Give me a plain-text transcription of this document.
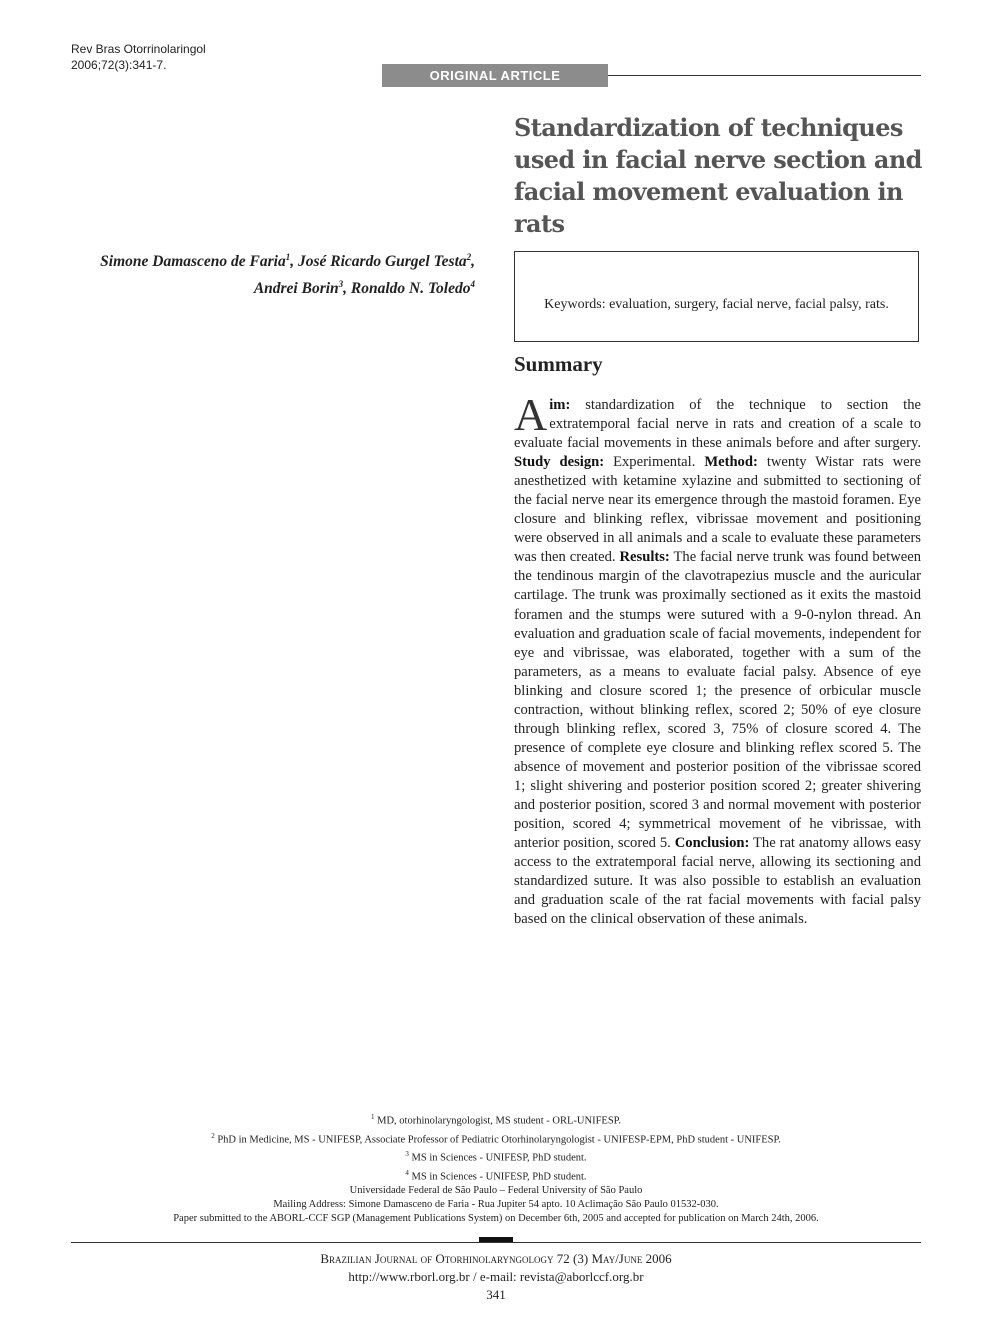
Rev Bras Otorrinolaringol
2006;72(3):341-7.
ORIGINAL ARTICLE
Standardization of techniques used in facial nerve section and facial movement evaluation in rats
Simone Damasceno de Faria$^1$, José Ricardo Gurgel Testa$^2$, Andrei Borin$^3$, Ronaldo N. Toledo$^4$

Keywords: evaluation, surgery, facial nerve, facial palsy, rats.

Summary

Aim: standardization of the technique to section the extratemporal facial nerve in rats and creation of a scale to evaluate facial movements in these animals before and after surgery. Study design: Experimental. Method: twenty Wistar rats were anesthetized with ketamine xylazine and submitted to sectioning of the facial nerve near its emergence through the mastoid foramen. Eye closure and blinking reflex, vibrissae movement and positioning were observed in all animals and a scale to evaluate these parameters was then created. Results: The facial nerve trunk was found between the tendinous margin of the clavotrapezius muscle and the auricular cartilage. The trunk was proximally sectioned as it exits the mastoid foramen and the stumps were sutured with a 9-0-nylon thread. An evaluation and graduation scale of facial movements, independent for eye and vibrissae, was elaborated, together with a sum of the parameters, as a means to evaluate facial palsy. Absence of eye blinking and closure scored 1; the presence of orbicular muscle contraction, without blinking reflex, scored 2; 50% of eye closure through blinking reflex, scored 3, 75% of closure scored 4. The presence of complete eye closure and blinking reflex scored 5. The absence of movement and posterior position of the vibrissae scored 1; slight shivering and posterior position scored 2; greater shivering and posterior position, scored 3 and normal movement with posterior position, scored 4; symmetrical movement of he vibrissae, with anterior position, scored 5. Conclusion: The rat anatomy allows easy access to the extratemporal facial nerve, allowing its sectioning and standardized suture. It was also possible to establish an evaluation and graduation scale of the rat facial movements with facial palsy based on the clinical observation of these animals.

$^1$ MD, otorhinolaryngologist, MS student - ORL-UNIFESP.
$^2$ PhD in Medicine, MS - UNIFESP, Associate Professor of Pediatric Otorhinolaryngologist - UNIFESP-EPM, PhD student - UNIFESP.
$^3$ MS in Sciences - UNIFESP, PhD student.
$^4$ MS in Sciences - UNIFESP, PhD student.
Universidade Federal de São Paulo – Federal University of São Paulo
Mailing Address: Simone Damasceno de Faria - Rua Jupiter 54 apto. 10 Aclimação São Paulo 01532-030.
Paper submitted to the ABORL-CCF SGP (Management Publications System) on December 6th, 2005 and accepted for publication on March 24th, 2006.
Brazilian Journal of Otorhinolaryngology 72 (3) May/June 2006
http://www.rborl.org.br / e-mail: revista@aborlccf.org.br
341
